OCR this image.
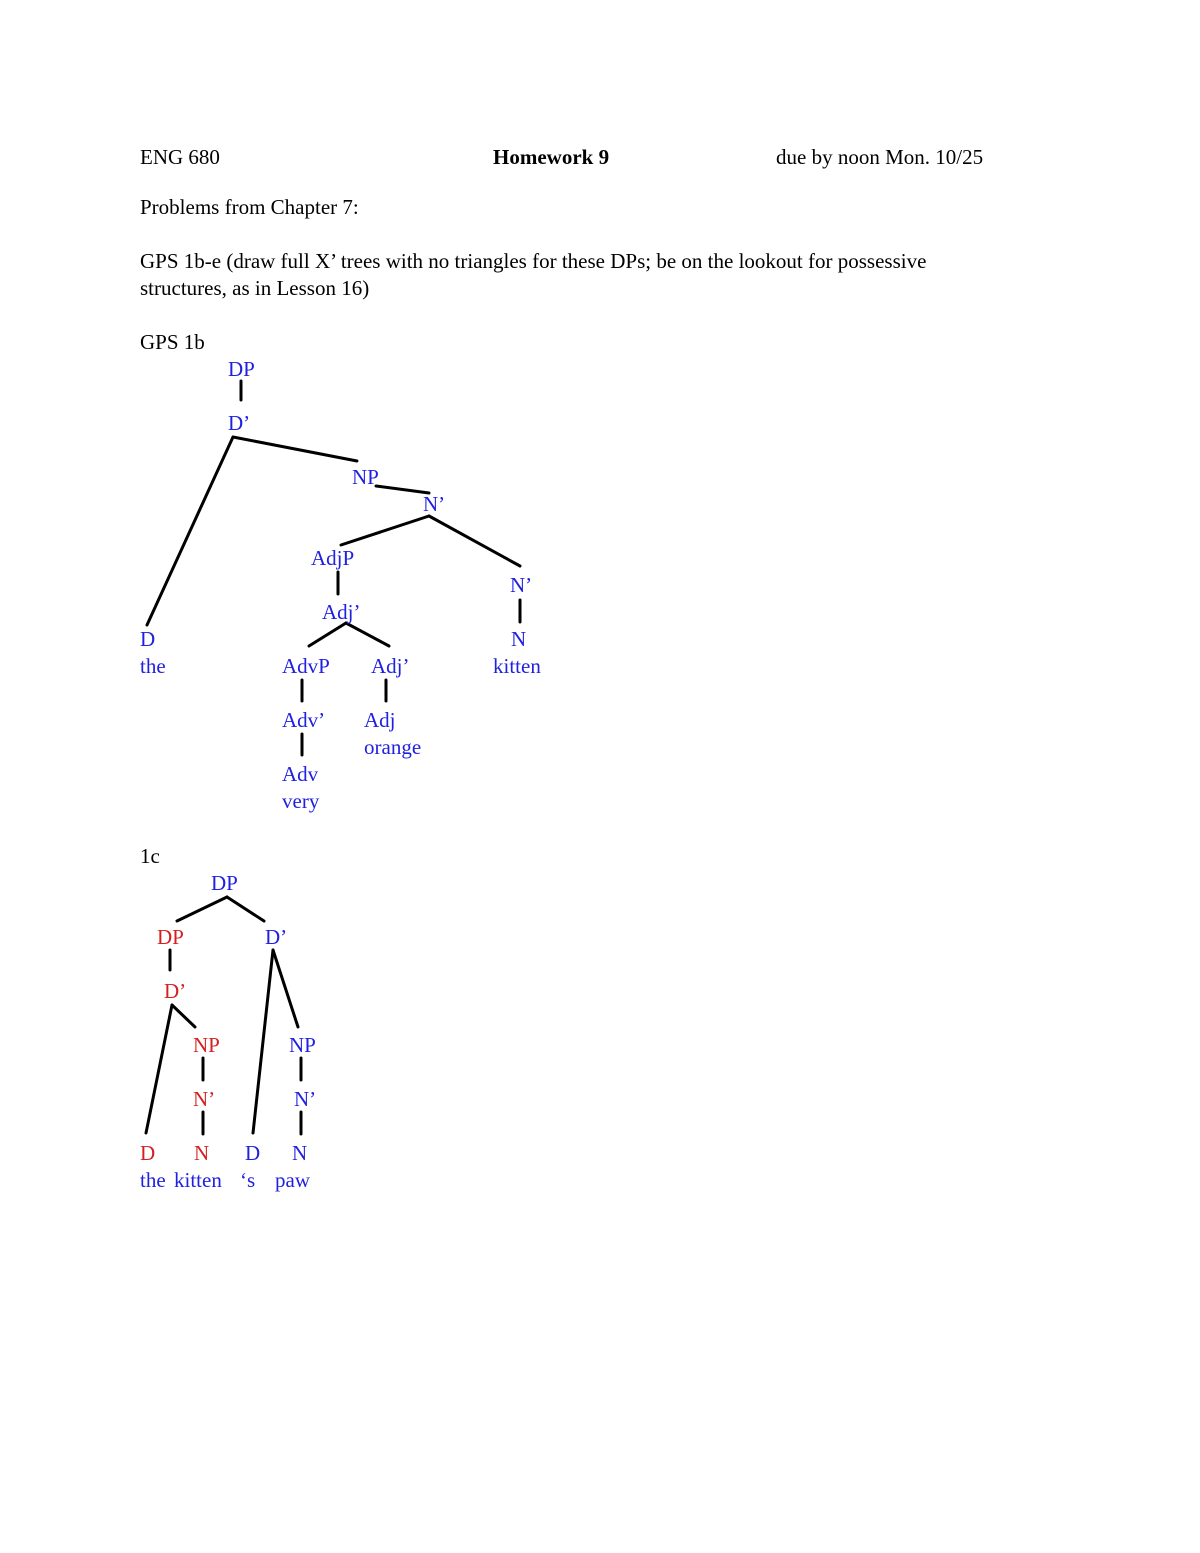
ENG 680	Homework 9	due by noon Mon. 10/25
Problems from Chapter 7:
GPS 1b-e (draw full X’ trees with no triangles for these DPs; be on the lookout for possessive
structures, as in Lesson 16)
GPS 1b
DP
D’
NP
N’
AdjP
N’
Adj’
D	N
the	AdvP Adj’	kitten
Adv’ Adj
orange
Adv
very
1c
DP
DP	D’
D’
NP	NP
N’	N’
D N D N
the kitten ‘s paw
